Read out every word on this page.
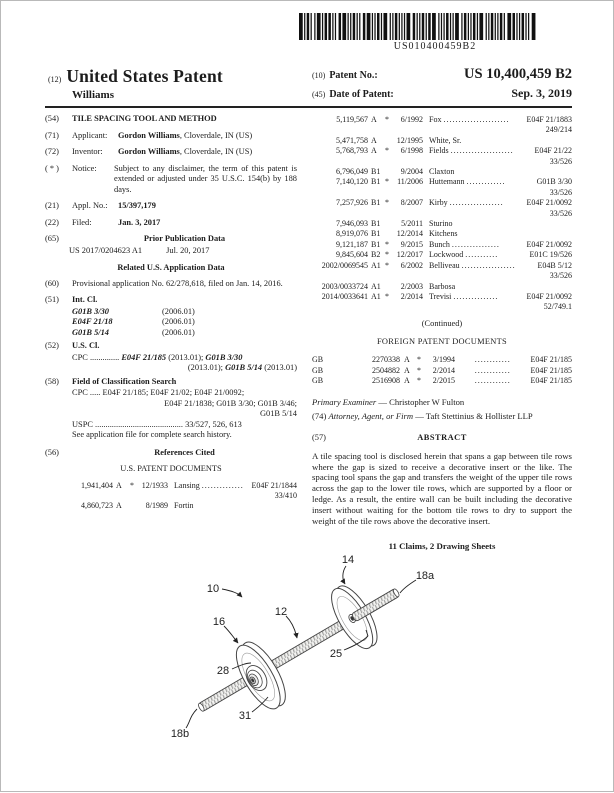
US010400459B2
(12) United States Patent
Williams
(10) Patent No.:	US 10,400,459 B2
(45) Date of Patent:	Sep. 3, 2019
(54)	TILE SPACING TOOL AND METHOD
(71)	Applicant: Gordon Williams, Cloverdale, IN (US)
(72)	Inventor: Gordon Williams, Cloverdale, IN (US)
( * )	Notice:	Subject to any disclaimer, the term of this patent is extended or adjusted under 35 U.S.C. 154(b) by 188 days.
(21)	Appl. No.: 15/397,179
(22)	Filed:	Jan. 3, 2017
(65)	Prior Publication Data
US 2017/0204623 A1	Jul. 20, 2017
Related U.S. Application Data
(60)	Provisional application No. 62/278,618, filed on Jan. 14, 2016.
(51)	Int. Cl.
G01B 3/30	(2006.01)
E04F 21/18	(2006.01)
G01B 5/14	(2006.01)
(52)	U.S. Cl.
CPC .............. E04F 21/185 (2013.01); G01B 3/30
(2013.01); G01B 5/14 (2013.01)
(58)	Field of Classification Search
CPC ..... E04F 21/185; E04F 21/02; E04F 21/0092;
E04F 21/1838; G01B 3/30; G01B 3/46;
G01B 5/14
USPC .......................................... 33/527, 526, 613
See application file for complete search history.
(56)	References Cited
U.S. PATENT DOCUMENTS
1,941,404 A	* 12/1933 Lansing .............. E04F 21/1844
33/410
4,860,723 A	8/1989 Fortin
5,119,567 A	*	6/1992 Fox ......................	E04F 21/1883
249/214
5,471,758 A	12/1995 White, Sr.
5,768,793 A	*	6/1998 Fields .....................	E04F 21/22
33/526
6,796,049 B1	9/2004 Claxton
7,140,120 B1 *	11/2006 Huttemann .............	G01B 3/30
33/526
7,257,926 B1 *	8/2007 Kirby ..................	E04F 21/0092
33/526
7,946,093 B1	5/2011 Sturino
8,919,076 B1	12/2014 Kitchens
9,121,187 B1 *	9/2015 Bunch ................	E04F 21/0092
9,845,604 B2 * 12/2017 Lockwood ...........	E01C 19/526
2002/0069545 A1 *	6/2002 Belliveau ..................	E04B 5/12
33/526
2003/0033724 A1	2/2003 Barbosa
2014/0033641 A1 *	2/2014 Trevisi ...............	E04F 21/0092
52/749.1
(Continued)
FOREIGN PATENT DOCUMENTS
GB	2270338 A *	3/1994	............	E04F 21/185
GB	2504882 A *	2/2014	............	E04F 21/185
GB	2516908 A *	2/2015	............	E04F 21/185
Primary Examiner — Christopher W Fulton
(74) Attorney, Agent, or Firm — Taft Stettinius & Hollister LLP
(57)	ABSTRACT
A tile spacing tool is disclosed herein that spans a gap between tile rows where the gap is sized to receive a decorative insert or the like. The spacing tool spans the gap and transfers the weight of the upper tile rows across the gap to the lower tile rows, which are supported by a floor or ledge. As a result, the entire wall can be built including the decorative insert without waiting for the bottom tile rows to dry to support the weight of the tile rows above the decorative insert.
11 Claims, 2 Drawing Sheets
10
12
14
16
18a
18b
25
28
31
